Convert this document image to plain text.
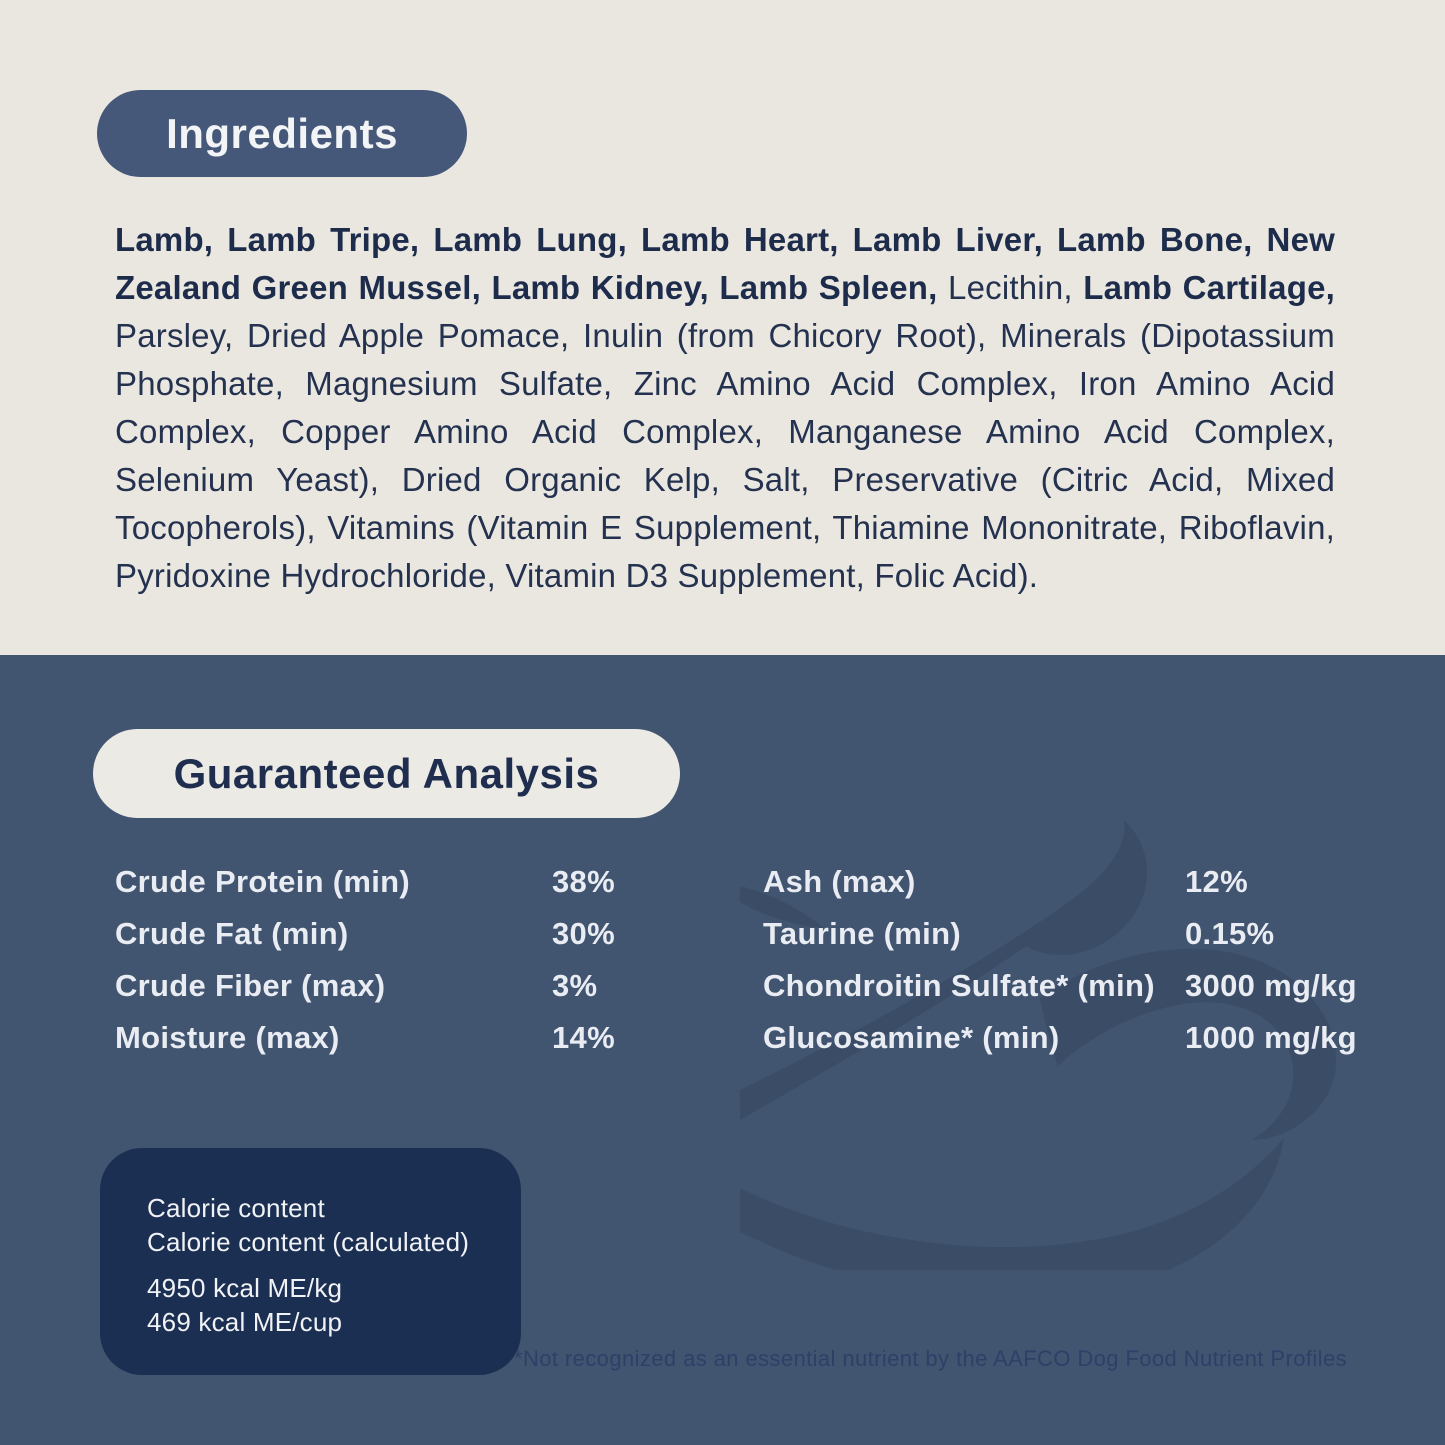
Ingredients

Lamb, Lamb Tripe, Lamb Lung, Lamb Heart, Lamb Liver, Lamb Bone, New Zealand Green Mussel, Lamb Kidney, Lamb Spleen, Lecithin, Lamb Cartilage, Parsley, Dried Apple Pomace, Inulin (from Chicory Root), Minerals (Dipotassium Phosphate, Magnesium Sulfate, Zinc Amino Acid Complex, Iron Amino Acid Complex, Copper Amino Acid Complex, Manganese Amino Acid Complex, Selenium Yeast), Dried Organic Kelp, Salt, Preservative (Citric Acid, Mixed Tocopherols), Vitamins (Vitamin E Supplement, Thiamine Mononitrate, Riboflavin, Pyridoxine Hydrochloride, Vitamin D3 Supplement, Folic Acid).

Guaranteed Analysis
Crude Protein (min)	38%	Ash (max)	12%
Crude Fat (min)	30%	Taurine (min)	0.15%
Crude Fiber (max)	3%	Chondroitin Sulfate* (min) 3000 mg/kg
Moisture (max)	14%	Glucosamine* (min)	1000 mg/kg

Calorie content
Calorie content (calculated)

4950 kcal ME/kg
469 kcal ME/cup

*Not recognized as an essential nutrient by the AAFCO Dog Food Nutrient Profiles
